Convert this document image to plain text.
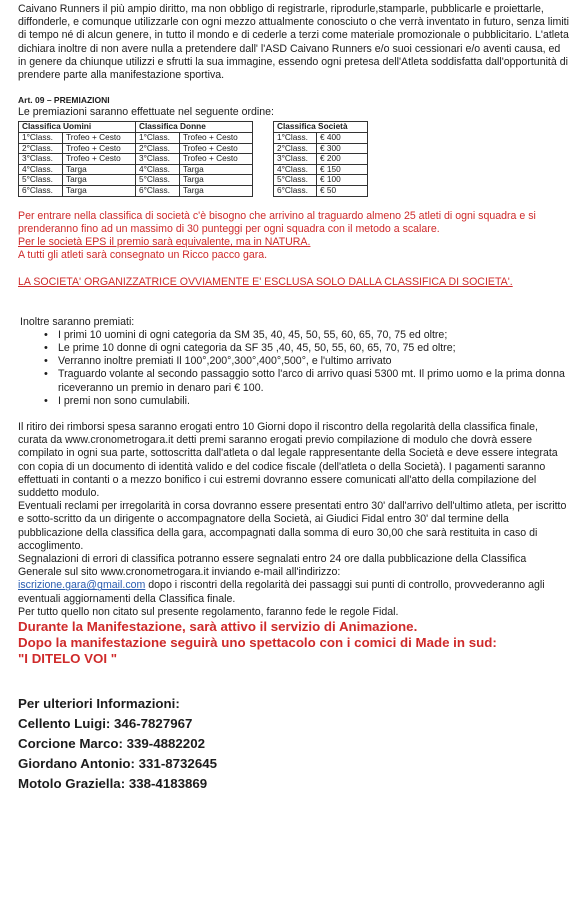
Caivano Runners il più ampio diritto, ma non obbligo di registrarle, riprodurle,stamparle, pubblicarle e proiettarle, diffonderle, e comunque utilizzarle con ogni mezzo attualmente conosciuto o che verrà inventato in futuro, senza limiti di tempo né di alcun genere, in tutto il mondo e di cederle a terzi come materiale promozionale o pubblicitario. L'atleta dichiara inoltre di non avere nulla a pretendere dall' l'ASD Caivano Runners e/o suoi cessionari e/o aventi causa, ed in genere da chiunque utilizzi e sfrutti la sua immagine, essendo ogni pretesa dell'Atleta soddisfatta dall'opportunità di prendere parte alla manifestazione sportiva.

Art. 09 – PREMIAZIONI

Le premiazioni saranno effettuate nel seguente ordine:

Classifica Uomini		Classifica Donne	
1°Class.	Trofeo + Cesto	1°Class.	Trofeo + Cesto
2°Class.	Trofeo + Cesto	2°Class.	Trofeo + Cesto
3°Class.	Trofeo + Cesto	3°Class.	Trofeo + Cesto
4°Class.	Targa	4°Class.	Targa
5°Class.	Targa	5°Class.	Targa
6°Class.	Targa	6°Class.	Targa
Classifica Società	
1°Class.	€ 400
2°Class.	€ 300
3°Class.	€ 200
4°Class.	€ 150
5°Class.	€ 100
6°Class.	€ 50

Per entrare nella classifica di società c'è bisogno che arrivino al traguardo almeno 25 atleti di ogni squadra e si prenderanno fino ad un massimo di 30 punteggi per ogni squadra con il metodo a scalare.

Per le società EPS il premio sarà equivalente, ma in NATURA.

A tutti gli atleti sarà consegnato un Ricco pacco gara.

LA SOCIETA' ORGANIZZATRICE OVVIAMENTE E' ESCLUSA SOLO DALLA CLASSIFICA DI SOCIETA'.

Inoltre saranno premiati:

• I primi 10 uomini di ogni categoria da SM 35, 40, 45, 50, 55, 60, 65, 70, 75 ed oltre;
• Le prime 10 donne di ogni categoria da SF 35 ,40, 45, 50, 55, 60, 65, 70, 75 ed oltre;
• Verranno inoltre premiati Il 100°,200°,300°,400°,500°, e l'ultimo arrivato
• Traguardo volante al secondo passaggio sotto l'arco di arrivo quasi 5300 mt. Il primo uomo e la prima donna riceveranno un premio in denaro pari € 100.
• I premi non sono cumulabili.

Il ritiro dei rimborsi spesa saranno erogati entro 10 Giorni dopo il riscontro della regolarità della classifica finale, curata da www.cronometrogara.it detti premi saranno erogati previo compilazione di modulo che dovrà essere compilato in ogni sua parte, sottoscritta dall'atleta o dal legale rappresentante della Società e deve essere integrata con copia di un documento di identità valido e del codice fiscale (dell'atleta o della Società). I pagamenti saranno effettuati in contanti o a mezzo bonifico i cui estremi dovranno essere comunicati all'atto della compilazione del suddetto modulo.

Eventuali reclami per irregolarità in corsa dovranno essere presentati entro 30' dall'arrivo dell'ultimo atleta, per iscritto e sotto-scritto da un dirigente o accompagnatore della Società, ai Giudici Fidal entro 30' dal termine della pubblicazione della classifica della gara, accompagnati dalla somma di euro 30,00 che sarà restituita in caso di accoglimento.

Segnalazioni di errori di classifica potranno essere segnalati entro 24 ore dalla pubblicazione della Classifica Generale sul sito www.cronometrogara.it inviando e-mail all'indirizzo:

iscrizione.gara@gmail.com dopo i riscontri della regolarità dei passaggi sui punti di controllo, provvederanno agli eventuali aggiornamenti della Classifica finale.

Per tutto quello non citato sul presente regolamento, faranno fede le regole Fidal.

Durante la Manifestazione, sarà attivo il servizio di Animazione.

Dopo la manifestazione seguirà uno spettacolo con i comici di Made in sud:

"I DITELO VOI "

Per ulteriori Informazioni:

Cellento Luigi: 346-7827967

Corcione Marco: 339-4882202

Giordano Antonio: 331-8732645

Motolo Graziella: 338-4183869
